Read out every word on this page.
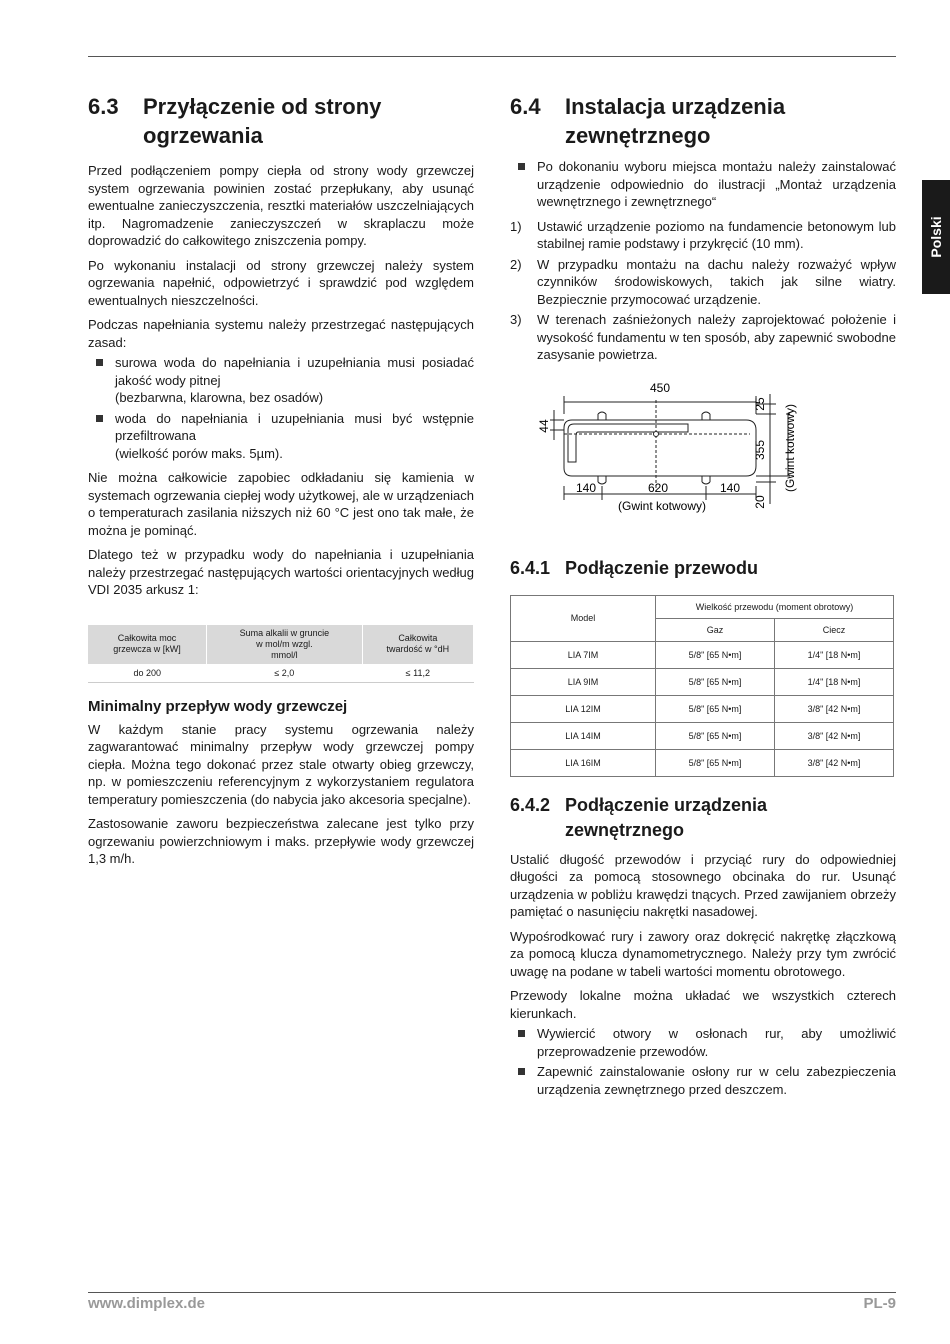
Polski
6.3	Przyłączenie od strony
ogrzewania

Przed podłączeniem pompy ciepła od strony wody grzewczej system ogrzewania powinien zostać przepłukany, aby usunąć ewentualne zanieczyszczenia, resztki materiałów uszczelniających itp. Nagromadzenie zanieczyszczeń w skraplaczu może doprowadzić do całkowitego zniszczenia pompy.

Po wykonaniu instalacji od strony grzewczej należy system ogrzewania napełnić, odpowietrzyć i sprawdzić pod względem ewentualnych nieszczelności.

Podczas napełniania systemu należy przestrzegać następujących zasad:

surowa woda do napełniania i uzupełniania musi posiadać jakość wody pitnej
(bezbarwna, klarowna, bez osadów)
woda do napełniania i uzupełniania musi być wstępnie przefiltrowana
(wielkość porów maks. 5µm).

Nie można całkowicie zapobiec odkładaniu się kamienia w systemach ogrzewania ciepłej wody użytkowej, ale w urządzeniach o temperaturach zasilania niższych niż 60 °C jest ono tak małe, że można je pominąć.

Dlatego też w przypadku wody do napełniania i uzupełniania należy przestrzegać następujących wartości orientacyjnych według VDI 2035 arkusz 1:

Całkowita moc
grzewcza w [kW]	Suma alkalii w gruncie
w mol/m wzgl.
mmol/l	Całkowita
twardość w °dH

do 200	≤ 2,0	≤ 11,2
Minimalny przepływ wody grzewczej

W każdym stanie pracy systemu ogrzewania należy zagwarantować minimalny przepływ wody grzewczej pompy ciepła. Można tego dokonać przez stale otwarty obieg grzewczy, np. w pomieszczeniu referencyjnym z wykorzystaniem regulatora temperatury pomieszczenia (do nabycia jako akcesoria specjalne).

Zastosowanie zaworu bezpieczeństwa zalecane jest tylko przy ogrzewaniu powierzchniowym i maks. przepływie wody grzewczej 1,3 m/h.

6.4	Instalacja urządzenia
zewnętrznego
Po dokonaniu wyboru miejsca montażu należy zainstalować urządzenie odpowiednio do ilustracji „Montaż urządzenia wewnętrznego i zewnętrznego“
1) Ustawić urządzenie poziomo na fundamencie betonowym lub stabilnej ramie podstawy i przykręcić (10 mm).
2) W przypadku montażu na dachu należy rozważyć wpływ czynników środowiskowych, takich jak silne wiatry. Bezpiecznie przymocować urządzenie.
3) W terenach zaśnieżonych należy zaprojektować położenie i wysokość fundamentu w ten sposób, aby zapewnić swobodne zasysanie powietrza.
450
44
25
355
20
(Gwint kotwowy)
140	620	140
(Gwint kotwowy)
6.4.1 Podłączenie przewodu
Model	Wielkość przewodu (moment obrotowy)	
	Gaz	Ciecz
LIA 7IM	5/8" [65 N•m]	1/4" [18 N•m]
LIA 9IM	5/8" [65 N•m]	1/4" [18 N•m]
LIA 12IM	5/8" [65 N•m]	3/8" [42 N•m]
LIA 14IM	5/8" [65 N•m]	3/8" [42 N•m]
LIA 16IM	5/8" [65 N•m]	3/8" [42 N•m]
6.4.2 Podłączenie urządzenia
zewnętrznego

Ustalić długość przewodów i przyciąć rury do odpowiedniej długości za pomocą stosownego obcinaka do rur. Usunąć urządzenia w pobliżu krawędzi tnących. Przed zawijaniem obrzeży pamiętać o nasunięciu nakrętki nasadowej.

Wypośrodkować rury i zawory oraz dokręcić nakrętkę złączkową za pomocą klucza dynamometrycznego. Należy przy tym zwrócić uwagę na podane w tabeli wartości momentu obrotowego.

Przewody lokalne można układać we wszystkich czterech kierunkach.

Wywiercić otwory w osłonach rur, aby umożliwić przeprowadzenie przewodów.
Zapewnić zainstalowanie osłony rur w celu zabezpieczenia urządzenia zewnętrznego przed deszczem.
www.dimplex.de	PL-9
